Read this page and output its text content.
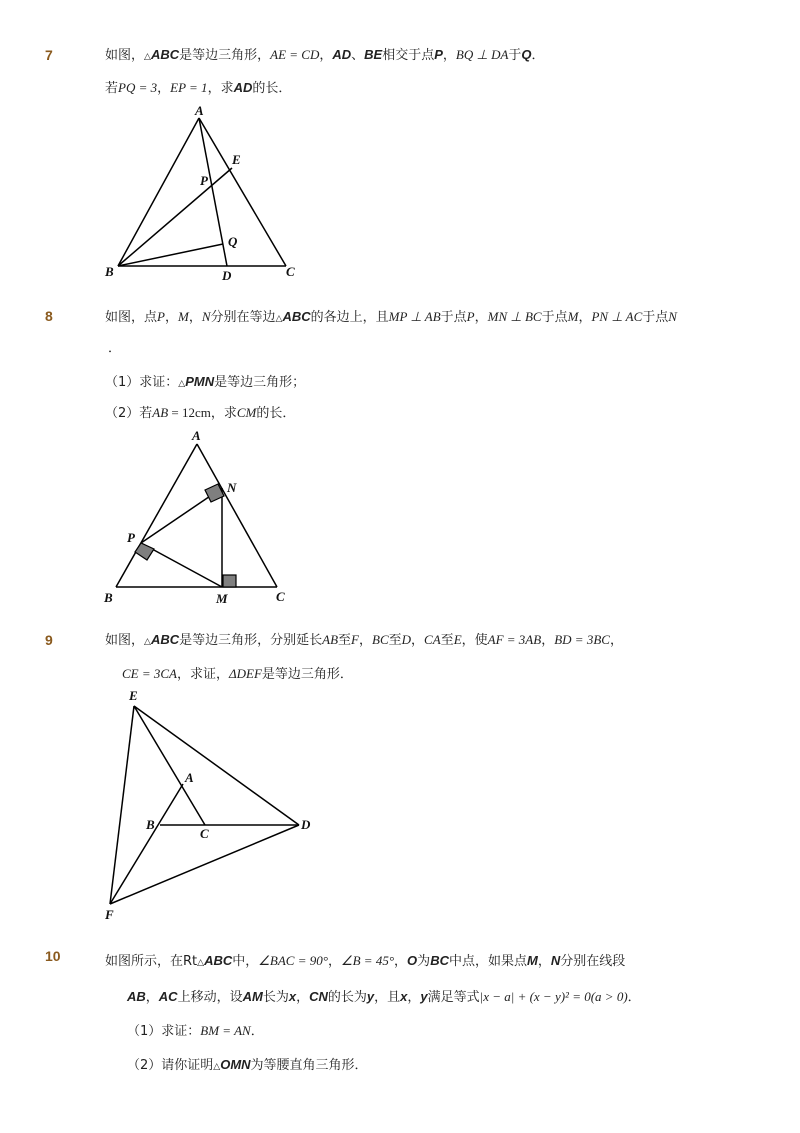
7	如图，△ABC是等边三角形，AE = CD，AD、BE相交于点P，BQ ⊥ DA于Q．
若PQ = 3，EP = 1，求AD的长．
A
E
P
Q
B	D	C
8	如图，点P，M，N分别在等边△ABC的各边上，且MP ⊥ AB于点P，MN ⊥ BC于点M，PN ⊥ AC于点N
．
（1）求证：△PMN是等边三角形；
（2）若AB = 12cm，求CM的长．
A
N
P
B	M	C
9	如图，△ABC是等边三角形，分别延长AB至F，BC至D，CA至E，使AF = 3AB，BD = 3BC，
CE = 3CA，求证，ΔDEF是等边三角形．
E
A
B
C
D
F
10	如图所示，在Rt△ABC中，∠BAC = 90°，∠B = 45°，O为BC中点，如果点M，N分别在线段
AB，AC上移动，设AM长为x，CN的长为y，且x，y满足等式|x − a| + (x − y)² = 0(a > 0)．
（1）求证：BM = AN．
（2）请你证明△OMN为等腰直角三角形．
